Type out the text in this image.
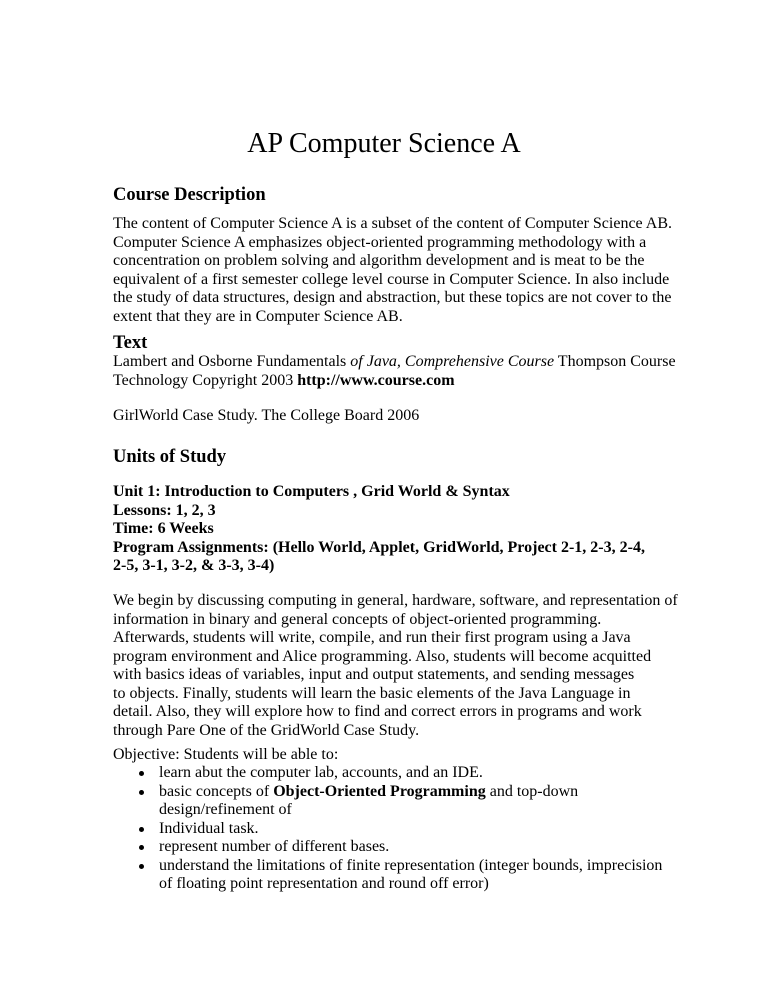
AP Computer Science A
Course Description
The content of Computer Science A is a subset of the content of Computer Science AB.
Computer Science A emphasizes object-oriented programming methodology with a
concentration on problem solving and algorithm development and is meat to be the
equivalent of a first semester college level course in Computer Science. In also include
the study of data structures, design and abstraction, but these topics are not cover to the
extent that they are in Computer Science AB.
Text
Lambert and Osborne Fundamentals of Java, Comprehensive Course Thompson Course
Technology Copyright 2003 http://www.course.com
GirlWorld Case Study. The College Board 2006
Units of Study
Unit 1: Introduction to Computers , Grid World & Syntax
Lessons: 1, 2, 3
Time: 6 Weeks
Program Assignments: (Hello World, Applet, GridWorld, Project 2-1, 2-3, 2-4,
2-5, 3-1, 3-2, & 3-3, 3-4)
We begin by discussing computing in general, hardware, software, and representation of
information in binary and general concepts of object-oriented programming.
Afterwards, students will write, compile, and run their first program using a Java
program environment and Alice programming. Also, students will become acquitted
with basics ideas of variables, input and output statements, and sending messages
to objects. Finally, students will learn the basic elements of the Java Language in
detail. Also, they will explore how to find and correct errors in programs and work
through Pare One of the GridWorld Case Study.
Objective: Students will be able to:
learn abut the computer lab, accounts, and an IDE.
basic concepts of Object-Oriented Programming and top-down
design/refinement of
Individual task.
represent number of different bases.
understand the limitations of finite representation (integer bounds, imprecision
of floating point representation and round off error)
